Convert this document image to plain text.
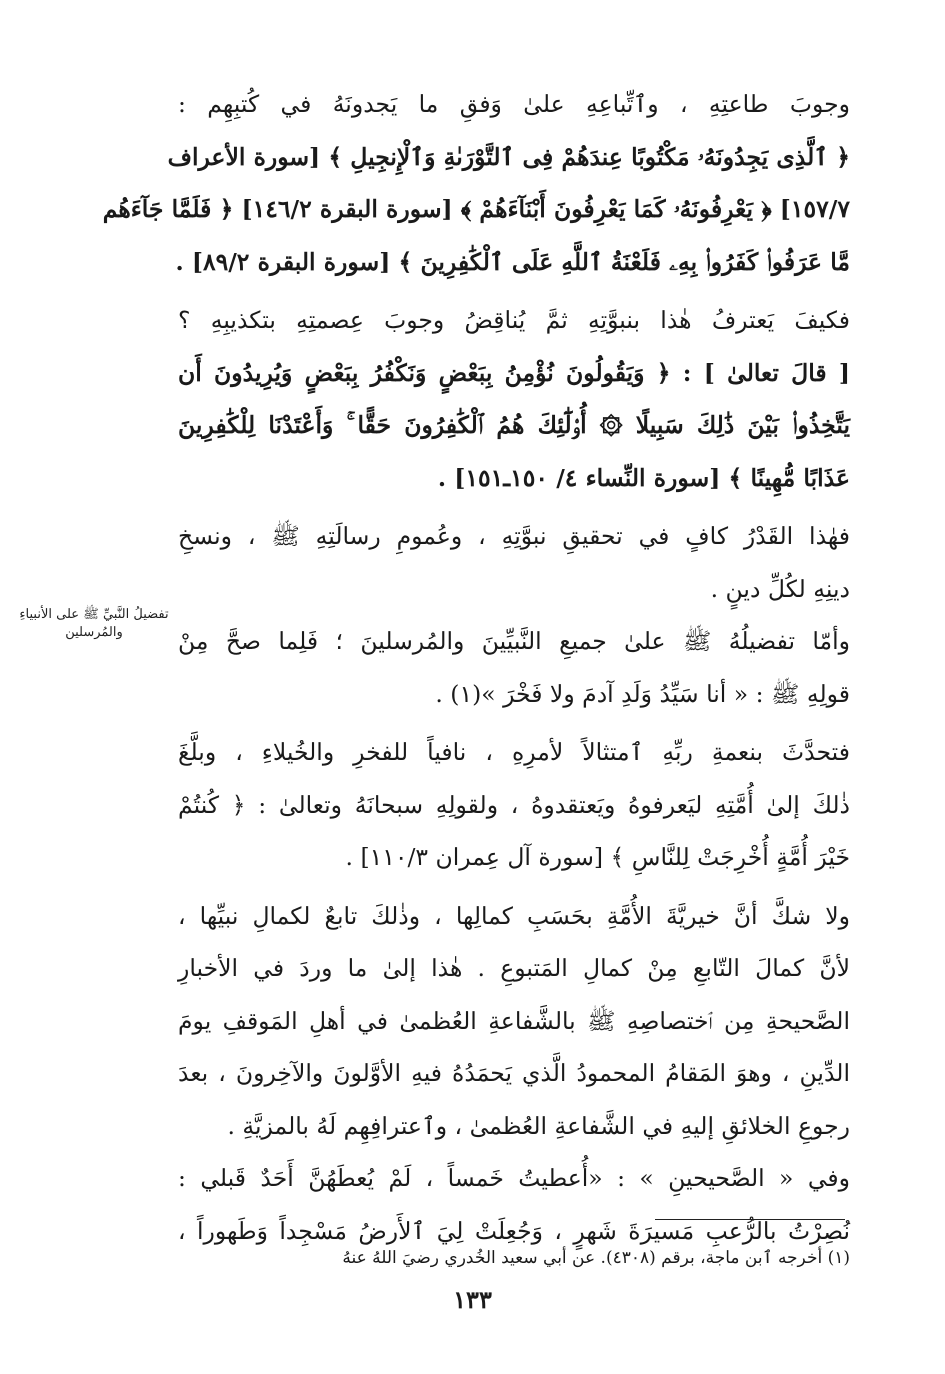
تفضيلُ النَّبيِّ ﷺ على الأنبياءِ والمُرسلين
وجوبَ طاعتِهِ ، وٱتِّباعِهِ علىٰ وَفقِ ما يَجدونَهُ في كُتبِهِم :
﴿ ٱلَّذِى يَجِدُونَهُۥ مَكْتُوبًا عِندَهُمْ فِى ٱلتَّوْرَىٰةِ وَٱلْإِنجِيلِ ﴾ [سورة الأعراف
١٥٧/٧] ﴿ يَعْرِفُونَهُۥ كَمَا يَعْرِفُونَ أَبْنَآءَهُمْ ﴾ [سورة البقرة ١٤٦/٢] ﴿ فَلَمَّا جَآءَهُم
مَّا عَرَفُوا۟ كَفَرُوا۟ بِهِۦ فَلَعْنَةُ ٱللَّهِ عَلَى ٱلْكَٰفِرِينَ ﴾ [سورة البقرة ٨٩/٢] .
فكيفَ يَعترفُ هٰذا بنبوَّتِهِ ثمَّ يُناقِضُ وجوبَ عِصمتِهِ بتكذيبِهِ ؟
[ قالَ تعالىٰ ] : ﴿ وَيَقُولُونَ نُؤْمِنُ بِبَعْضٍ وَنَكْفُرُ بِبَعْضٍ وَيُرِيدُونَ أَن
يَتَّخِذُوا۟ بَيْنَ ذَٰلِكَ سَبِيلًا ۞ أُو۟لَٰٓئِكَ هُمُ ٱلْكَٰفِرُونَ حَقًّا ۚ وَأَعْتَدْنَا لِلْكَٰفِرِينَ
عَذَابًا مُّهِينًا ﴾ [سورة النِّساء ٤/ ١٥٠ـ١٥١] .
فهٰذا القَدْرُ كافٍ في تحقيقِ نبوَّتِهِ ، وعُمومِ رسالَتِهِ ﷺ ، ونسخِ
دينِهِ لكُلِّ دينٍ .
وأمّا تفضيلُهُ ﷺ علىٰ جميعِ النَّبيِّينَ والمُرسلينَ ؛ فَلِما صحَّ مِنْ
قولِهِ ﷺ : « أنا سَيِّدُ وَلَدِ آدمَ ولا فَخْرَ »(١) .
فتحدَّثَ بنعمةِ ربِّهِ ٱمتثالاً لأمرِهِ ، نافياً للفخرِ والخُيلاءِ ، وبلَّغَ
ذٰلكَ إلىٰ أُمَّتِهِ ليَعرفوهُ ويَعتقدوهُ ، ولقولِهِ سبحانَهُ وتعالىٰ : ﴿ كُنتُمْ
خَيْرَ أُمَّةٍ أُخْرِجَتْ لِلنَّاسِ ﴾ [سورة آل عِمران ١١٠/٣] .
ولا شكَّ أنَّ خيريَّةَ الأُمَّةِ بحَسَبِ كمالِها ، وذٰلكَ تابعٌ لكمالِ نبيِّها ،
لأنَّ كمالَ التّابعِ مِنْ كمالِ المَتبوعِ . هٰذا إلىٰ ما وردَ في الأخبارِ
الصَّحيحةِ مِن ٱختصاصِهِ ﷺ بالشَّفاعةِ العُظمىٰ في أهلِ المَوقفِ يومَ
الدِّينِ ، وهوَ المَقامُ المحمودُ الَّذي يَحمَدُهُ فيهِ الأوَّلونَ والآخِرونَ ، بعدَ
رجوعِ الخلائقِ إليهِ في الشَّفاعةِ العُظمىٰ ، وٱعترافِهِم لَهُ بالمزيَّةِ .
وفي « الصَّحيحينِ » : «أُعطيتُ خَمساً ، لَمْ يُعطَهُنَّ أَحَدٌ قَبلي :
نُصِرْتُ بالرُّعبِ مَسيرَةَ شَهرٍ ، وَجُعِلَتْ لِيَ ٱلأَرضُ مَسْجِداً وَطَهوراً ،
(١) أخرجه ٱبن ماجة، برقم (٤٣٠٨). عن أبي سعيد الخُدري رضيَ اللهُ عنهُ
١٣٣
